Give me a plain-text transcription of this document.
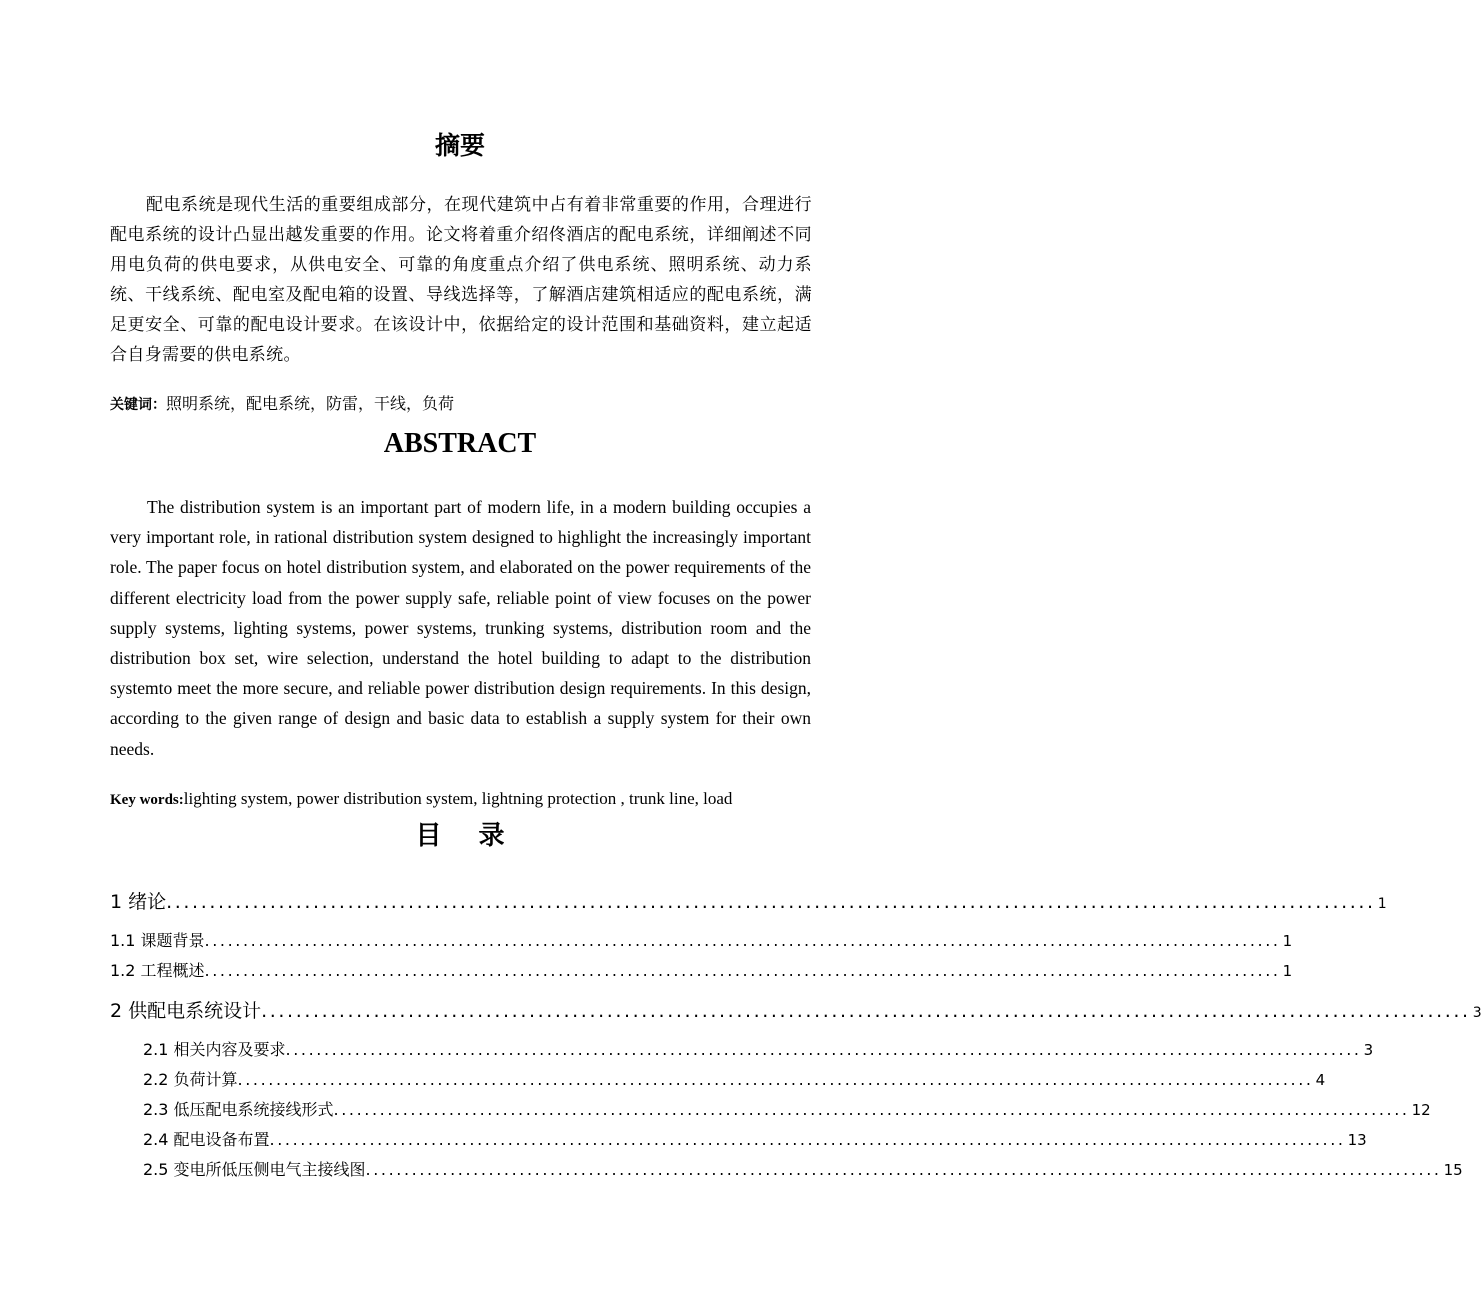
摘要

配电系统是现代生活的重要组成部分，在现代建筑中占有着非常重要的作用，合理进行配电系统的设计凸显出越发重要的作用。论文将着重介绍佟酒店的配电系统，详细阐述不同用电负荷的供电要求，从供电安全、可靠的角度重点介绍了供电系统、照明系统、动力系统、干线系统、配电室及配电箱的设置、导线选择等，了解酒店建筑相适应的配电系统，满足更安全、可靠的配电设计要求。在该设计中，依据给定的设计范围和基础资料，建立起适合自身需要的供电系统。

关键词：照明系统，配电系统，防雷，干线，负荷
ABSTRACT

The distribution system is an important part of modern life, in a modern building occupies a very important role, in rational distribution system designed to highlight the increasingly important role. The paper focus on hotel distribution system, and elaborated on the power requirements of the different electricity load from the power supply safe, reliable point of view focuses on the power supply systems, lighting systems, power systems, trunking systems, distribution room and the distribution box set, wire selection, understand the hotel building to adapt to the distribution systemto meet the more secure, and reliable power distribution design requirements. In this design, according to the given range of design and basic data to establish a supply system for their own needs.

Key words:lighting system, power distribution system, lightning protection , trunk line, load
目 录
1 绪论 ............................................................................................................................................ 1
1.1 课题背景 ............................................................................................................................................ 1
1.2 工程概述 ............................................................................................................................................ 1
2 供配电系统设计 ............................................................................................................................................ 3
2.1 相关内容及要求 ............................................................................................................................................ 3
2.2 负荷计算 ............................................................................................................................................ 4
2.3 低压配电系统接线形式 ............................................................................................................................................ 12
2.4 配电设备布置 ............................................................................................................................................ 13
2.5 变电所低压侧电气主接线图 ............................................................................................................................................ 15
